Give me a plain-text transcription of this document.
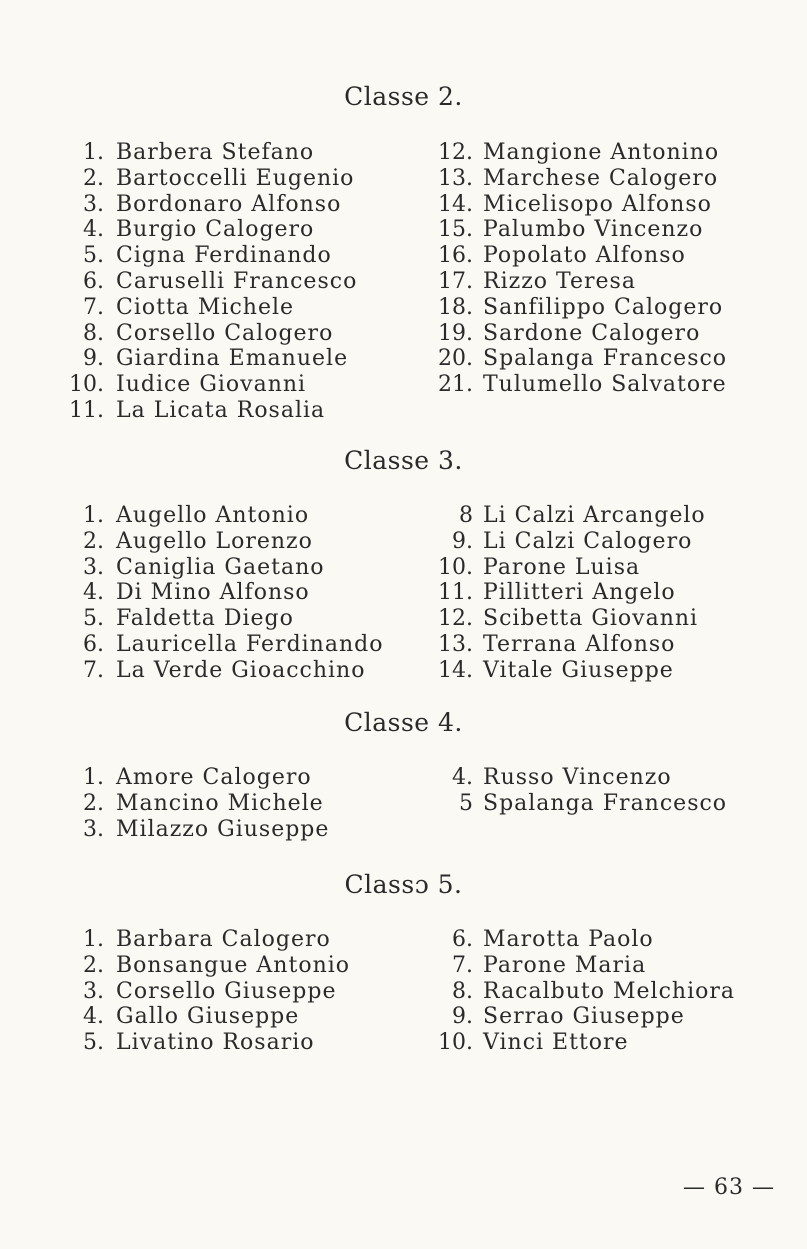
Classe 2.
1. Barbera Stefano
2. Bartoccelli Eugenio
3. Bordonaro Alfonso
4. Burgio Calogero
5. Cigna Ferdinando
6. Caruselli Francesco
7. Ciotta Michele
8. Corsello Calogero
9. Giardina Emanuele
10. Iudice Giovanni
11. La Licata Rosalia
12. Mangione Antonino
13. Marchese Calogero
14. Micelisopo Alfonso
15. Palumbo Vincenzo
16. Popolato Alfonso
17. Rizzo Teresa
18. Sanfilippo Calogero
19. Sardone Calogero
20. Spalanga Francesco
21. Tulumello Salvatore
Classe 3.
1. Augello Antonio
2. Augello Lorenzo
3. Caniglia Gaetano
4. Di Mino Alfonso
5. Faldetta Diego
6. Lauricella Ferdinando
7. La Verde Gioacchino
8 Li Calzi Arcangelo
9. Li Calzi Calogero
10. Parone Luisa
11. Pillitteri Angelo
12. Scibetta Giovanni
13. Terrana Alfonso
14. Vitale Giuseppe
Classe 4.
1. Amore Calogero
2. Mancino Michele
3. Milazzo Giuseppe
4. Russo Vincenzo
5 Spalanga Francesco
Classɔ 5.
1. Barbara Calogero
2. Bonsangue Antonio
3. Corsello Giuseppe
4. Gallo Giuseppe
5. Livatino Rosario
6. Marotta Paolo
7. Parone Maria
8. Racalbuto Melchiora
9. Serrao Giuseppe
10. Vinci Ettore
— 63 —
